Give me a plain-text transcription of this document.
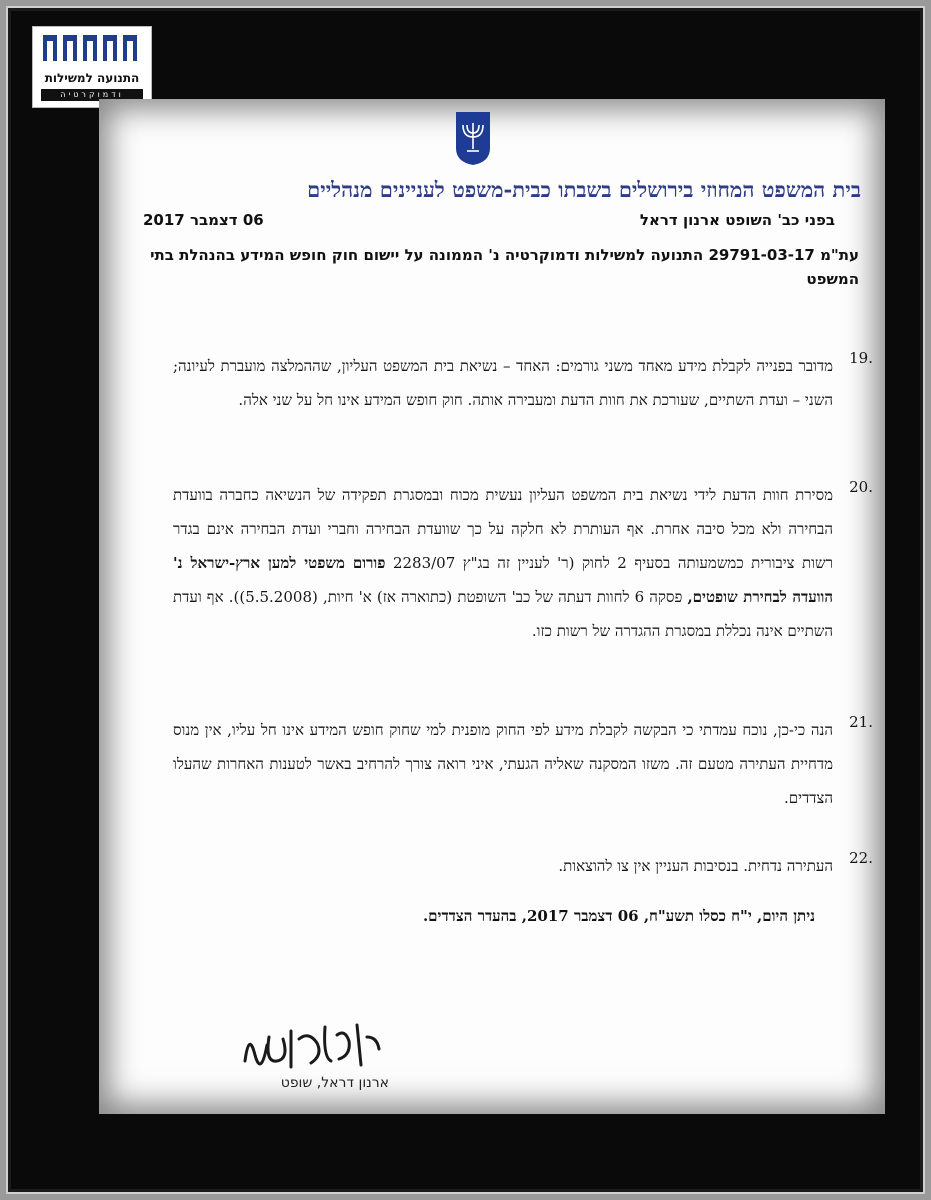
התנועה למשילות
ודמוקרטיה
בית המשפט המחוזי בירושלים בשבתו כבית-משפט לעניינים מנהליים
בפני כב' השופט ארנון דראל
06 דצמבר 2017
עת"מ 29791-03-17 התנועה למשילות ודמוקרטיה נ' הממונה על יישום חוק חופש המידע בהנהלת בתי המשפט
19.
מדובר בפנייה לקבלת מידע מאחד משני גורמים: האחד – נשיאת בית המשפט העליון, שההמלצה מועברת לעיונה; השני – ועדת השתיים, שעורכת את חוות הדעת ומעבירה אותה. חוק חופש המידע אינו חל על שני אלה.
20.
מסירת חוות הדעת לידי נשיאת בית המשפט העליון נעשית מכוח ובמסגרת תפקידה של הנשיאה כחברה בוועדת הבחירה ולא מכל סיבה אחרת. אף העותרת לא חלקה על כך שוועדת הבחירה וחברי ועדת הבחירה אינם בגדר רשות ציבורית כמשמעותה בסעיף 2 לחוק (ר' לעניין זה בג"ץ 2283/07 פורום משפטי למען ארץ-ישראל נ' הוועדה לבחירת שופטים, פסקה 6 לחוות דעתה של כב' השופטת (כתוארה אז) א' חיות, (5.5.2008)). אף ועדת השתיים אינה נכללת במסגרת ההגדרה של רשות כזו.
21.
הנה כי-כן, נוכח עמדתי כי הבקשה לקבלת מידע לפי החוק מופנית למי שחוק חופש המידע אינו חל עליו, אין מנוס מדחיית העתירה מטעם זה. משזו המסקנה שאליה הגעתי, איני רואה צורך להרחיב באשר לטענות האחרות שהעלו הצדדים.
22.
העתירה נדחית. בנסיבות העניין אין צו להוצאות.
ניתן היום, י"ח כסלו תשע"ח, 06 דצמבר 2017, בהעדר הצדדים.
ארנון דראל, שופט
